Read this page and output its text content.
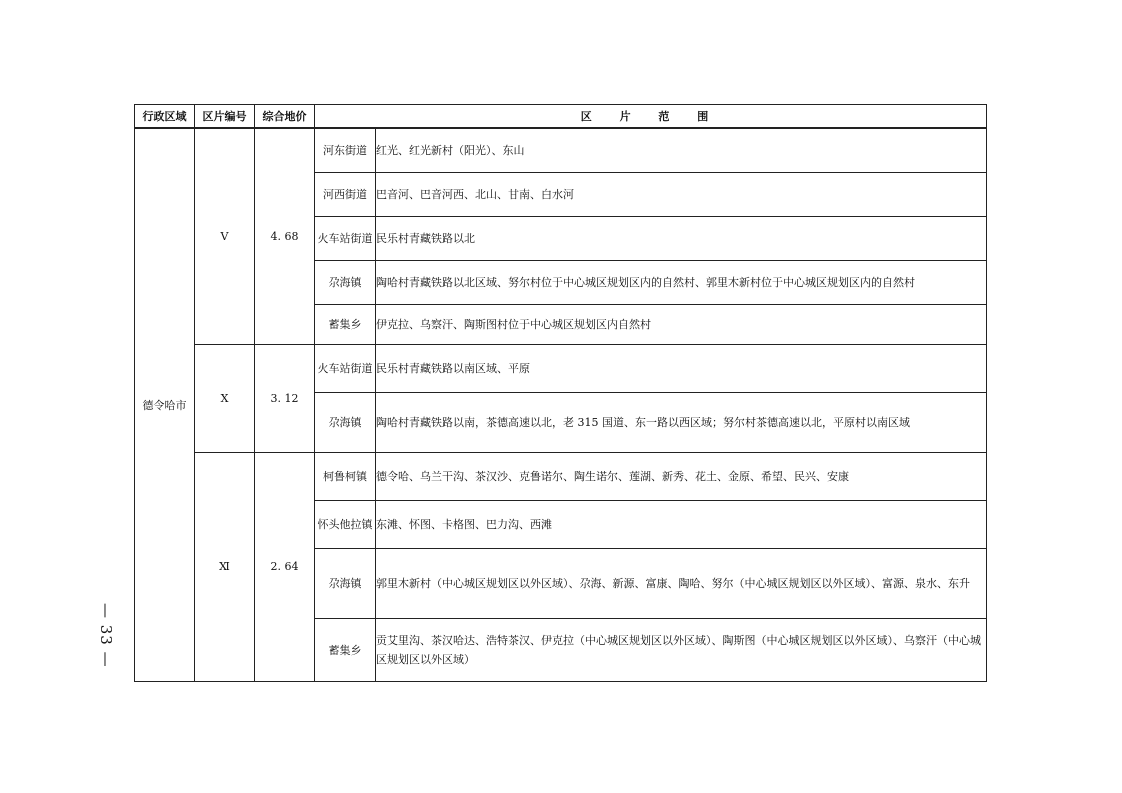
— 33 —
行政区域	区片编号	综合地价	区 片 范 围	
德令哈市	Ⅴ	4. 68	河东街道	红光、红光新村（阳光）、东山
			河西街道	巴音河、巴音河西、北山、甘南、白水河
			火车站街道	民乐村青藏铁路以北
			尕海镇	陶哈村青藏铁路以北区域、努尔村位于中心城区规划区内的自然村、郭里木新村位于中心城区规划区内的自然村
			蓄集乡	伊克拉、乌察汗、陶斯图村位于中心城区规划区内自然村
	Ⅹ	3. 12	火车站街道	民乐村青藏铁路以南区域、平原
			尕海镇	陶哈村青藏铁路以南，茶德高速以北，老 315 国道、东一路以西区域；努尔村茶德高速以北，平原村以南区域
	Ⅺ	2. 64	柯鲁柯镇	德令哈、乌兰干沟、茶汉沙、克鲁诺尔、陶生诺尔、莲湖、新秀、花土、金原、希望、民兴、安康
			怀头他拉镇	东滩、怀图、卡格图、巴力沟、西滩
			尕海镇	郭里木新村（中心城区规划区以外区域）、尕海、新源、富康、陶哈、努尔（中心城区规划区以外区域）、富源、泉水、东升
			蓄集乡	贡艾里沟、茶汉哈达、浩特茶汉、伊克拉（中心城区规划区以外区域）、陶斯图（中心城区规划区以外区域）、乌察汗（中心城区规划区以外区域）
